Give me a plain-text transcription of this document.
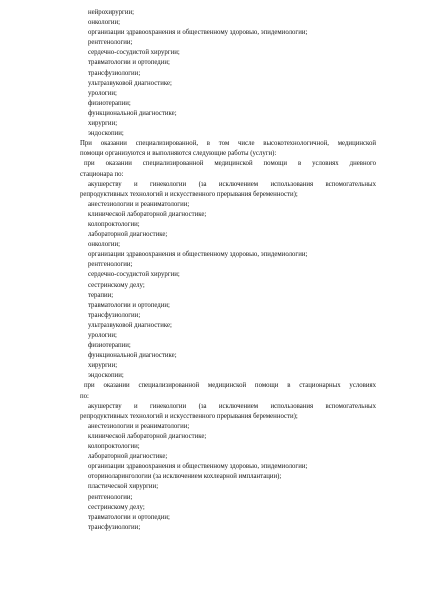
нейрохирургии;
онкологии;
организации здравоохранения и общественному здоровью, эпидемиологии;
рентгенологии;
сердечно-сосудистой хирургии;
травматологии и ортопедии;
трансфузиологии;
ультразвуковой диагностике;
урологии;
физиотерапии;
функциональной диагностике;
хирургии;
эндоскопии;
При оказании специализированной, в том числе высокотехнологичной, медицинской
помощи организуются и выполняются следующие работы (услуги):
при оказании специализированной медицинской помощи в условиях дневного
стационара по:
акушерству и гинекологии (за исключением использования вспомогательных
репродуктивных технологий и искусственного прерывания беременности);
анестезиологии и реаниматологии;
клинической лабораторной диагностике;
колопроктологии;
лабораторной диагностике;
онкологии;
организации здравоохранения и общественному здоровью, эпидемиологии;
рентгенологии;
сердечно-сосудистой хирургии;
сестринскому делу;
терапии;
травматологии и ортопедии;
трансфузиологии;
ультразвуковой диагностике;
урологии;
физиотерапии;
функциональной диагностике;
хирургии;
эндоскопии;
при оказании специализированной медицинской помощи в стационарных условиях
по:
акушерству и гинекологии (за исключением использования вспомогательных
репродуктивных технологий и искусственного прерывания беременности);
анестезиологии и реаниматологии;
клинической лабораторной диагностике;
колопроктологии;
лабораторной диагностике;
организации здравоохранения и общественному здоровью, эпидемиологии;
оториноларингологии (за исключением кохлеарной имплантации);
пластической хирургии;
рентгенологии;
сестринскому делу;
травматологии и ортопедии;
трансфузиологии;
